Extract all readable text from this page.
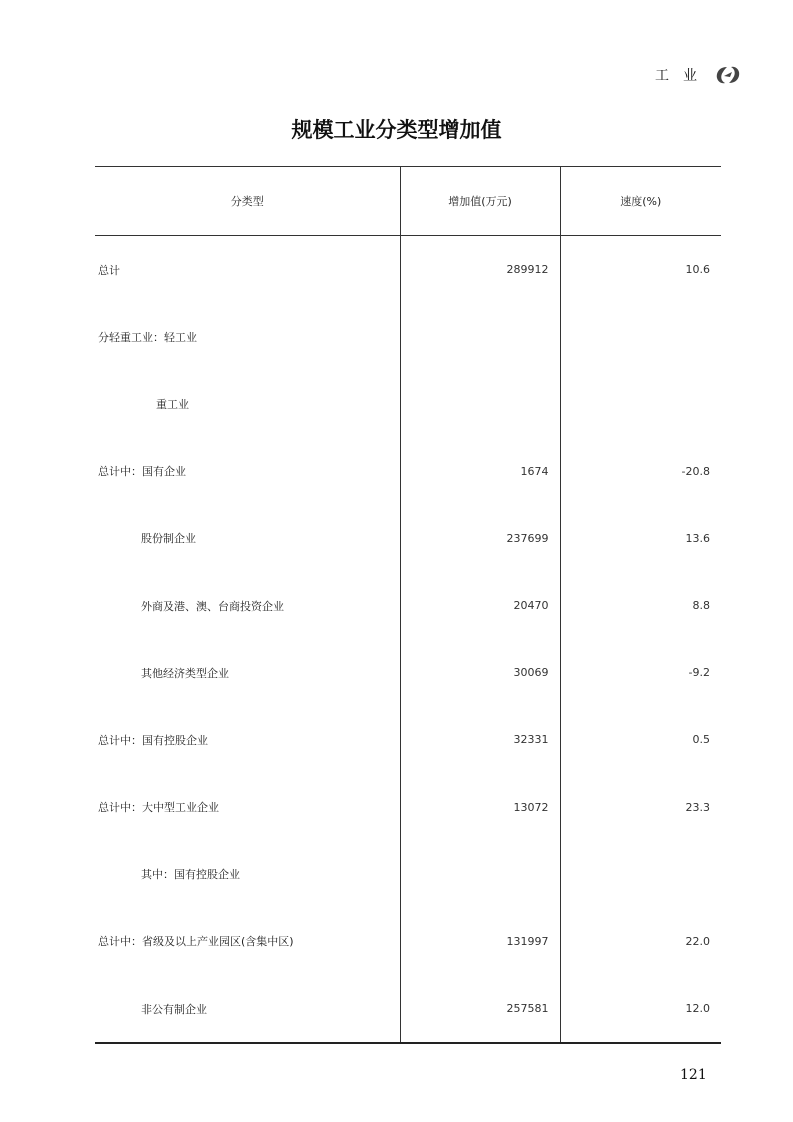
工业
规模工业分类型增加值
分类型	增加值(万元)	速度(%)
总计	289912	10.6
分轻重工业：轻工业		
重工业		
总计中：国有企业	1674	-20.8
股份制企业	237699	13.6
外商及港、澳、台商投资企业	20470	8.8
其他经济类型企业	30069	-9.2
总计中：国有控股企业	32331	0.5
总计中：大中型工业企业	13072	23.3
其中：国有控股企业		
总计中：省级及以上产业园区(含集中区)	131997	22.0
非公有制企业	257581	12.0
121
